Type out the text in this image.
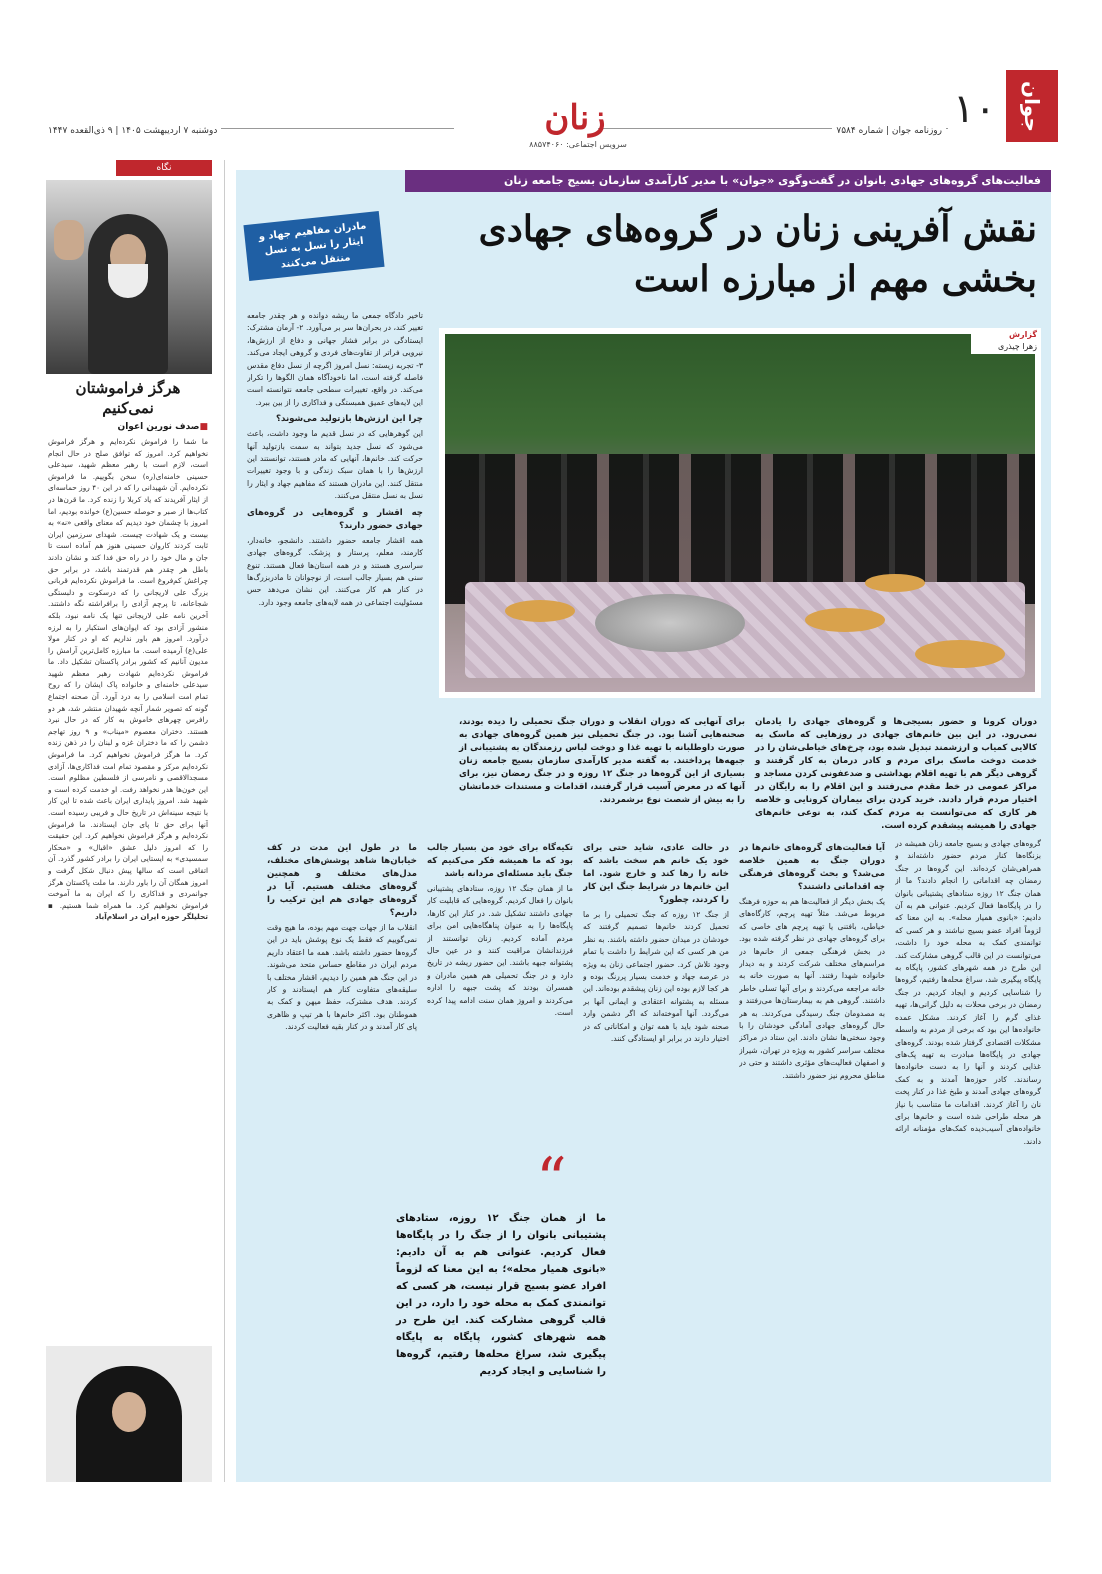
جوان
۱۰
روزنامه جوان | شماره ۷۵۸۴
دوشنبه ۷ اردیبهشت ۱۴۰۵ | ۹ ذی‌القعده ۱۴۴۷	زنان
سرویس اجتماعی: ۸۸۵۷۴۰۶۰
نگاه
هرگز فراموشتان نمی‌کنیم
■ صدف نورین اعوان
ما شما را فراموش نکرده‌ایم و هرگز فراموش نخواهیم کرد. امروز که توافق صلح در حال انجام است، لازم است با رهبر معظم شهید، سیدعلی حسینی خامنه‌ای(ره) سخن بگوییم. ما فراموش نکرده‌ایم. آن شهیدانی را که در این ۴۰ روز حماسه‌ای از ایثار آفریدند که یاد کربلا را زنده کرد. ما قرن‌ها در کتاب‌ها از صبر و حوصله حسین(ع) خوانده بودیم، اما امروز با چشمان خود دیدیم که معنای واقعی «نه» به بیست و یک شهادت چیست. شهدای سرزمین ایران ثابت کردند کاروان حسینی هنوز هم آماده است تا جان و مال خود را در راه حق فدا کند و نشان دادند باطل هر چقدر هم قدرتمند باشد، در برابر حق چراغش کم‌فروغ است. ما فراموش نکرده‌ایم قربانی بزرگ علی لاریجانی را که درسکوت و دلبستگی شجاعانه، تا پرچم آزادی را برافراشته نگه داشتند. آخرین نامه علی لاریجانی تنها یک نامه نبود، بلکه منشور آزادی بود که ایوان‌های استکبار را به لرزه درآورد. امروز هم باور نداریم که او در کنار مولا علی(ع) آرمیده است. ما مبارزه کامل‌ترین آرامش را مدیون آنانیم که کشور برادر پاکستان تشکیل داد. ما فراموش نکرده‌ایم شهادت رهبر معظم شهید سیدعلی خامنه‌ای و خانواده پاک ایشان را که روح تمام امت اسلامی را به درد آورد. آن صحنه اجتماع گونه که تصویر شمار آنچه شهیدان منتشر شد، هر دو رافرس چهرهای خاموش به کار که در حال نبرد هستند. دختران معصوم «میناب» و ۹ روز تهاجم دشمن را که ما دختران غزه و لبنان را در ذهن زنده کرد. ما هرگز فراموش نخواهیم کرد. ما فراموش نکرده‌ایم مرکز و مقصود تمام امت فداکاری‌ها، آزادی مسجدالاقصی و نامرسی از فلسطین مظلوم است. این خون‌ها هدر نخواهد رفت. او خدمت کرده است و شهید شد. امروز پایداری ایران باعث شده تا این کار با نتیجه سینه‌اش در تاریخ حال و فریبی رسیده است. آنها برای حق تا پای جان ایستادند. ما فراموش نکرده‌ایم و هرگز فراموش نخواهیم کرد. این حقیقت را که امروز دلیل عشق «اقبال» و «محکار سمسیدی» به ایستایی ایران را برادر کشور گذرد. آن اتفاقی است که سالها پیش دنبال شکل گرفت و امروز همگان آن را باور دارند. ما ملت پاکستان هرگز جوانمردی و فداکاری را که ایران به ما آموخت فراموش نخواهیم کرد. ما همراه شما هستیم. ▪ تحلیلگر حوزه ایران در اسلام‌آباد
فعالیت‌های گروه‌های جهادی بانوان در گفت‌وگوی «جوان» با مدیر کارآمدی سازمان بسیج جامعه زنان
نقش آفرینی زنان در گروه‌های جهادی
بخشی مهم از مبارزه است
مادران مفاهیم جهاد و ایثار را نسل به نسل منتقل می‌کنند
گزارش
زهرا چیذری
دوران کرونا و حضور بسیجی‌ها و گروه‌های جهادی را یادمان نمی‌رود. در این بین خانم‌های جهادی در روزهایی که ماسک به کالایی کمیاب و ارزشمند تبدیل شده بود، چرخ‌های خیاطی‌شان را در خدمت دوخت ماسک برای مردم و کادر درمان به کار گرفتند و گروهی دیگر هم با تهیه اقلام بهداشتی و ضدعفونی کردن مساجد و مراکز عمومی در خط مقدم می‌رفتند و این اقلام را به رایگان در اختیار مردم قرار دادند. خرید کردن برای بیماران کرونایی و خلاصه هر کاری که می‌توانست به مردم کمک کند، به نوعی خانم‌های جهادی را همیشه پیشقدم کرده است.
برای آنهایی که دوران انقلاب و دوران جنگ تحمیلی را دیده بودند، صحنه‌هایی آشنا بود. در جنگ تحمیلی نیز همین گروه‌های جهادی به صورت داوطلبانه با تهیه غذا و دوخت لباس رزمندگان به پشتیبانی از جبهه‌ها پرداختند. به گفته مدیر کارآمدی سازمان بسیج جامعه زنان بسیاری از این گروه‌ها در جنگ ۱۲ روزه و در جنگ رمضان نیز، برای آنها که در معرض آسیب قرار گرفتند، اقدامات و مستندات خدماتشان را به بیش از شصت نوع برشمردند.

گروه‌های جهادی و بسیج جامعه زنان همیشه در بزنگاه‌ها کنار مردم حضور داشته‌اند و همراهی‌شان کرده‌اند. این گروه‌ها در جنگ رمضان چه اقداماتی را انجام دادند؟ ما از همان جنگ ۱۲ روزه ستادهای پشتیبانی بانوان را در پایگاه‌ها فعال کردیم. عنوانی هم به آن دادیم: «بانوی همیار محله». به این معنا که لزوماً افراد عضو بسیج نباشند و هر کسی که توانمندی کمک به محله خود را داشت، می‌توانست در این قالب گروهی مشارکت کند. این طرح در همه شهرهای کشور، پایگاه به پایگاه پیگیری شد، سراغ محله‌ها رفتیم، گروه‌ها را شناسایی کردیم و ایجاد کردیم. در جنگ رمضان در برخی محلات به دلیل گرانی‌ها، تهیه غذای گرم را آغاز کردند. مشکل عمده خانواده‌ها این بود که برخی از مردم به واسطه مشکلات اقتصادی گرفتار شده بودند. گروه‌های جهادی در پایگاه‌ها مبادرت به تهیه پک‌های غذایی کردند و آنها را به دست خانواده‌ها رساندند. کادر حوزه‌ها آمدند و به کمک گروه‌های جهادی آمدند و طبخ غذا در کنار پخت نان را آغاز کردند. اقدامات ما متناسب با نیاز هر محله طراحی شده است و خانم‌ها برای خانواده‌های آسیب‌دیده کمک‌های مؤمنانه ارائه دادند.

آیا فعالیت‌های گروه‌های خانم‌ها در دوران جنگ به همین خلاصه می‌شد؟ و بحث گروه‌های فرهنگی چه اقداماتی داشتند؟

یک بخش دیگر از فعالیت‌ها هم به حوزه فرهنگ مربوط می‌شد. مثلاً تهیه پرچم، کارگاه‌های خیاطی، بافتنی یا تهیه پرچم های خاصی که برای گروه‌های جهادی در نظر گرفته شده بود. در بخش فرهنگی جمعی از خانم‌ها در مراسم‌های مختلف شرکت کردند و به دیدار خانواده شهدا رفتند. آنها به صورت خانه به خانه مراجعه می‌کردند و برای آنها تسلی خاطر داشتند. گروهی هم به بیمارستان‌ها می‌رفتند و به مصدومان جنگ رسیدگی می‌کردند. به هر حال گروه‌های جهادی آمادگی خودشان را با وجود سختی‌ها نشان دادند. این ستاد در مراکز مختلف سراسر کشور به ویژه در تهران، شیراز و اصفهان فعالیت‌های مؤثری داشتند و حتی در مناطق محروم نیز حضور داشتند.

در حالت عادی، شاید حتی برای خود یک خانم هم سخت باشد که خانه را رها کند و خارج شود. اما این خانم‌ها در شرایط جنگ این کار را کردند، چطور؟

از جنگ ۱۲ روزه که جنگ تحمیلی را بر ما تحمیل کردند خانم‌ها تصمیم گرفتند که خودشان در میدان حضور داشته باشند. به نظر من هر کسی که این شرایط را داشت با تمام وجود تلاش کرد. حضور اجتماعی زنان به ویژه در عرصه جهاد و خدمت بسیار پررنگ بوده و هر کجا لازم بوده این زنان پیشقدم بوده‌اند. این مسئله به پشتوانه اعتقادی و ایمانی آنها بر می‌گردد. آنها آموخته‌اند که اگر دشمن وارد صحنه شود باید با همه توان و امکاناتی که در اختیار دارند در برابر او ایستادگی کنند.

تکیه‌گاه برای خود من بسیار جالب بود که ما همیشه فکر می‌کنیم که جنگ باید مسئله‌ای مردانه باشد

ما از همان جنگ ۱۲ روزه، ستادهای پشتیبانی بانوان را فعال کردیم. گروه‌هایی که قابلیت کار جهادی داشتند تشکیل شد. در کنار این کارها، پایگاه‌ها را به عنوان پناهگاه‌هایی امن برای مردم آماده کردیم. زنان توانستند از فرزندانشان مراقبت کنند و در عین حال پشتوانه جبهه باشند. این حضور ریشه در تاریخ دارد و در جنگ تحمیلی هم همین مادران و همسران بودند که پشت جبهه را اداره می‌کردند و امروز همان سنت ادامه پیدا کرده است.

ما در طول این مدت در کف خیابان‌ها شاهد پوشش‌های مختلف، مدل‌های مختلف و همچنین گروه‌های مختلف هستیم. آیا در گروه‌های جهادی هم این ترکیب را داریم؟

انقلاب ما از جهات جهت مهم بوده، ما هیچ وقت نمی‌گوییم که فقط یک نوع پوشش باید در این گروه‌ها حضور داشته باشد. همه ما اعتقاد داریم مردم ایران در مقاطع حساس متحد می‌شوند. در این جنگ هم همین را دیدیم، اقشار مختلف با سلیقه‌های متفاوت کنار هم ایستادند و کار کردند. هدف مشترک، حفظ میهن و کمک به هموطنان بود. اکثر خانم‌ها با هر تیپ و ظاهری پای کار آمدند و در کنار بقیه فعالیت کردند.

تاخیر دادگاه جمعی ما ریشه دوانده و هر چقدر جامعه تغییر کند، در بحران‌ها سر بر می‌آورد. ۲- آرمان مشترک: ایستادگی در برابر فشار جهانی و دفاع از ارزش‌ها، نیرویی فراتر از تفاوت‌های فردی و گروهی ایجاد می‌کند. ۳- تجربه زیسته: نسل امروز اگرچه از نسل دفاع مقدس فاصله گرفته است، اما ناخودآگاه همان الگوها را تکرار می‌کند. در واقع، تغییرات سطحی جامعه نتوانسته است این لایه‌های عمیق همبستگی و فداکاری را از بین ببرد.

چرا این ارزش‌ها بازتولید می‌شوند؟

این گوهرهایی که در نسل قدیم ما وجود داشت، باعث می‌شود که نسل جدید بتواند به سمت بازتولید آنها حرکت کند. خانم‌ها، آنهایی که مادر هستند، توانستند این ارزش‌ها را با همان سبک زندگی و با وجود تغییرات منتقل کنند. این مادران هستند که مفاهیم جهاد و ایثار را نسل به نسل منتقل می‌کنند.

چه اقشار و گروه‌هایی در گروه‌های جهادی حضور دارند؟

همه اقشار جامعه حضور داشتند. دانشجو، خانه‌دار، کارمند، معلم، پرستار و پزشک. گروه‌های جهادی سراسری هستند و در همه استان‌ها فعال هستند. تنوع سنی هم بسیار جالب است، از نوجوانان تا مادربزرگ‌ها در کنار هم کار می‌کنند. این نشان می‌دهد حس مسئولیت اجتماعی در همه لایه‌های جامعه وجود دارد.

“
ما از همان جنگ ۱۲ روزه، ستادهای پشتیبانی بانوان را از جنگ را در پایگاه‌ها فعال کردیم. عنوانی هم به آن دادیم: «بانوی همیار محله»؛ به این معنا که لزوماً افراد عضو بسیج قرار نیست، هر کسی که توانمندی کمک به محله خود را دارد، در این قالب گروهی مشارکت کند. این طرح در همه شهرهای کشور، پایگاه به پایگاه پیگیری شد، سراغ محله‌ها رفتیم، گروه‌ها را شناسایی و ایجاد کردیم
